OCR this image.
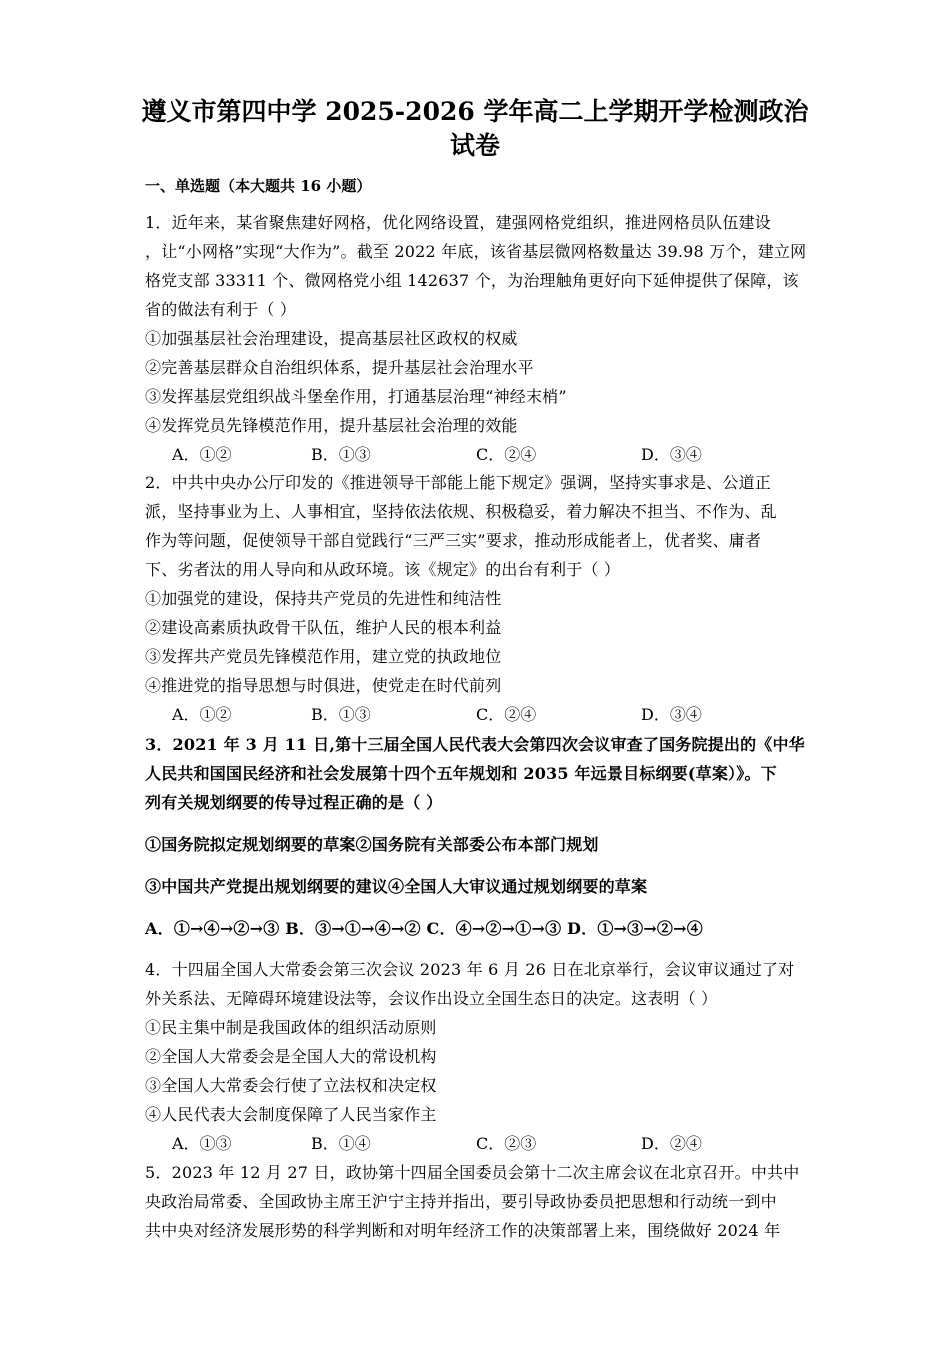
遵义市第四中学 2025-2026 学年高二上学期开学检测政治
试卷
一、单选题（本大题共 16 小题）
1．近年来，某省聚焦建好网格，优化网络设置，建强网格党组织，推进网格员队伍建设
，让“小网格”实现“大作为”。截至 2022 年底，该省基层微网格数量达 39.98 万个，建立网
格党支部 33311 个、微网格党小组 142637 个，为治理触角更好向下延伸提供了保障，该
省的做法有利于（ ）
①加强基层社会治理建设，提高基层社区政权的权威
②完善基层群众自治组织体系，提升基层社会治理水平
③发挥基层党组织战斗堡垒作用，打通基层治理“神经末梢”
④发挥党员先锋模范作用，提升基层社会治理的效能
A．①②	B．①③	C．②④	D．③④
2．中共中央办公厅印发的《推进领导干部能上能下规定》强调，坚持实事求是、公道正
派，坚持事业为上、人事相宜，坚持依法依规、积极稳妥，着力解决不担当、不作为、乱
作为等问题，促使领导干部自觉践行“三严三实”要求，推动形成能者上，优者奖、庸者
下、劣者汰的用人导向和从政环境。该《规定》的出台有利于（ ）
①加强党的建设，保持共产党员的先进性和纯洁性
②建设高素质执政骨干队伍，维护人民的根本利益
③发挥共产党员先锋模范作用，建立党的执政地位
④推进党的指导思想与时俱进，使党走在时代前列
A．①②	B．①③	C．②④	D．③④
3．2021 年 3 月 11 日,第十三届全国人民代表大会第四次会议审查了国务院提出的《中华
人民共和国国民经济和社会发展第十四个五年规划和 2035 年远景目标纲要(草案）》。下
列有关规划纲要的传导过程正确的是（ ）
①国务院拟定规划纲要的草案②国务院有关部委公布本部门规划
③中国共产党提出规划纲要的建议④全国人大审议通过规划纲要的草案
A．①→④→②→③ B．③→①→④→② C．④→②→①→③ D．①→③→②→④
4．十四届全国人大常委会第三次会议 2023 年 6 月 26 日在北京举行，会议审议通过了对
外关系法、无障碍环境建设法等，会议作出设立全国生态日的决定。这表明（ ）
①民主集中制是我国政体的组织活动原则
②全国人大常委会是全国人大的常设机构
③全国人大常委会行使了立法权和决定权
④人民代表大会制度保障了人民当家作主
A．①③	B．①④	C．②③	D．②④
5．2023 年 12 月 27 日，政协第十四届全国委员会第十二次主席会议在北京召开。中共中
央政治局常委、全国政协主席王沪宁主持并指出，要引导政协委员把思想和行动统一到中
共中央对经济发展形势的科学判断和对明年经济工作的决策部署上来，围绕做好 2024 年
